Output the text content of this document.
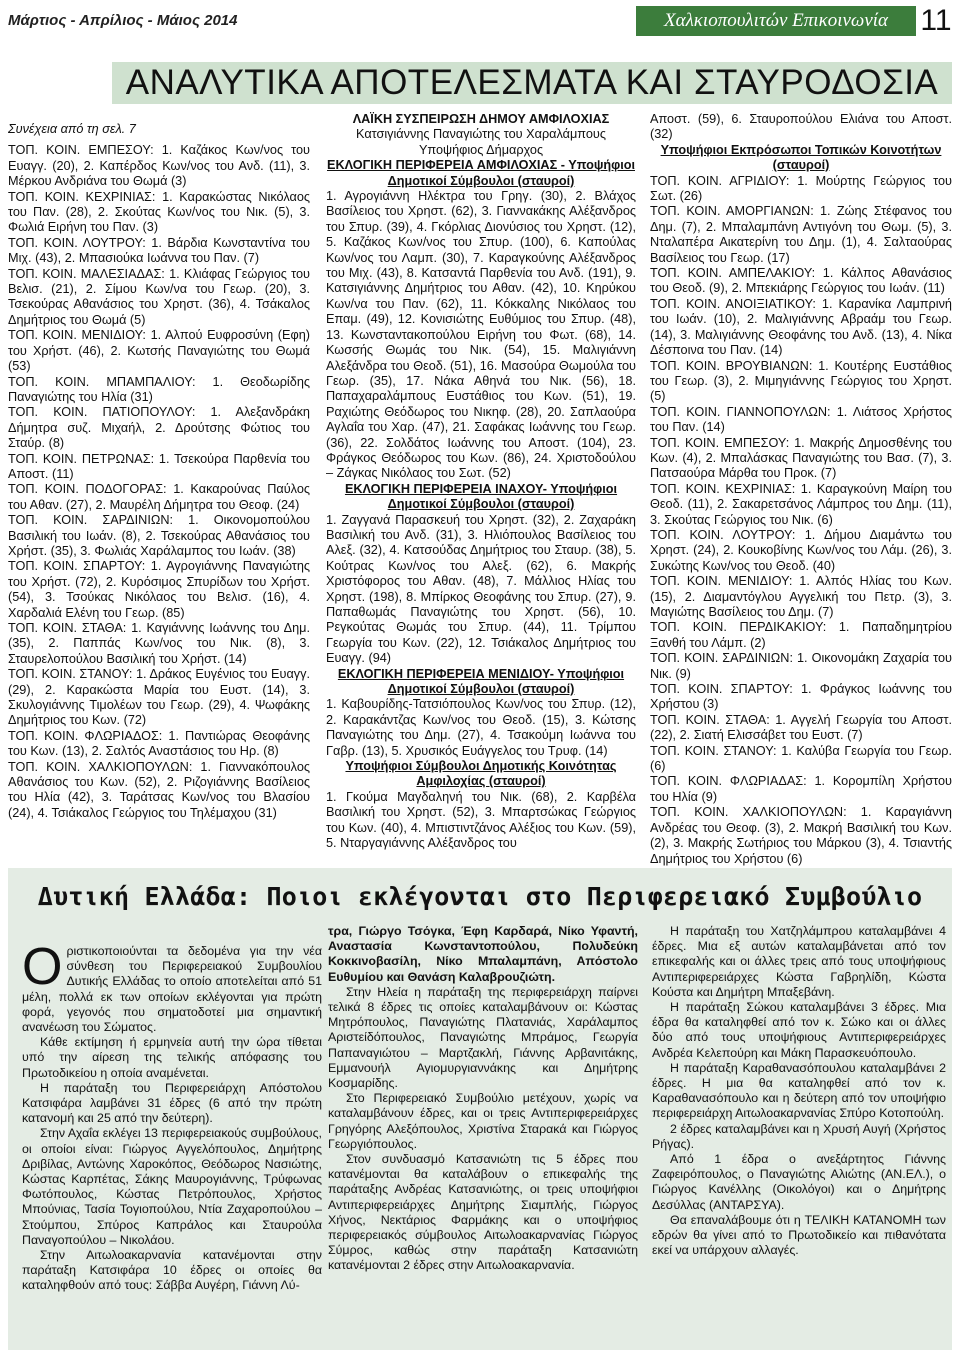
Μάρτιος - Απρίλιος - Μάιος 2014	Χαλκιοπουλιτών Επικοινωνία	11
ΑΝΑΛΥΤΙΚΑ ΑΠΟΤΕΛΕΣΜΑΤΑ ΚΑΙ ΣΤΑΥΡΟΔΟΣΙΑ

Συνέχεια από τη σελ. 7

ΤΟΠ. ΚΟΙΝ. ΕΜΠΕΣΟΥ: 1. Καζάκος Κων/νος του Ευαγγ. (20), 2. Καπέρδος Κων/νος του Ανδ. (11), 3. Μέρκου Ανδριάνα του Θωμά (3)

ΤΟΠ. ΚΟΙΝ. ΚΕΧΡΙΝΙΑΣ: 1. Καρακώστας Νικόλαος του Παν. (28), 2. Σκούτας Κων/νος του Νικ. (5), 3. Φωλιά Ειρήνη του Παν. (3)

ΤΟΠ. ΚΟΙΝ. ΛΟΥΤΡΟΥ: 1. Βάρδια Κωνσταντίνα του Μιχ. (43), 2. Μπασιούκα Ιωάννα του Παν. (7)

ΤΟΠ. ΚΟΙΝ. ΜΑΛΕΣΙΑΔΑΣ: 1. Κλιάφας Γεώργιος του Βελισ. (21), 2. Σίμου Κων/να του Γεωρ. (20), 3. Τσεκούρας Αθανάσιος του Χρηστ. (36), 4. Τσάκαλος Δημήτριος του Θωμά (5)

ΤΟΠ. ΚΟΙΝ. ΜΕΝΙΔΙΟΥ: 1. Αλπού Ευφροσύνη (Εφη) του Χρήστ. (46), 2. Κωτσής Παναγιώτης του Θωμά (53)

ΤΟΠ. ΚΟΙΝ. ΜΠΑΜΠΑΛΙΟΥ: 1. Θεοδωρίδης Παναγιώτης του Ηλία (31)

ΤΟΠ. ΚΟΙΝ. ΠΑΤΙΟΠΟΥΛΟΥ: 1. Αλεξανδράκη Δήμητρα συζ. Μιχαήλ, 2. Δρούτσης Φώτιος του Σταύρ. (8)

ΤΟΠ. ΚΟΙΝ. ΠΕΤΡΩΝΑΣ: 1. Τσεκούρα Παρθενία του Αποστ. (11)

ΤΟΠ. ΚΟΙΝ. ΠΟΔΟΓΟΡΑΣ: 1. Κακαρούνας Παύλος του Αθαν. (27), 2. Μαυρέλη Δήμητρα του Θεοφ. (24)

ΤΟΠ. ΚΟΙΝ. ΣΑΡΔΙΝΙΩΝ: 1. Οικονομοπούλου Βασιλική του Ιωάν. (8), 2. Τσεκούρας Αθανάσιος του Χρήστ. (35), 3. Φωλιάς Χαράλαμπος του Ιωάν. (38)

ΤΟΠ. ΚΟΙΝ. ΣΠΑΡΤΟΥ: 1. Αγρογιάννης Παναγιώτης του Χρήστ. (72), 2. Κυρόσιμος Σπυρίδων του Χρήστ. (54), 3. Τσούκας Νικόλαος του Βελισ. (16), 4. Χαρδαλιά Ελένη του Γεωρ. (85)

ΤΟΠ. ΚΟΙΝ. ΣΤΑΘΑ: 1. Καγιάννης Ιωάννης του Δημ. (35), 2. Παππάς Κων/νος του Νικ. (8), 3. Σταυρελοπούλου Βασιλική του Χρήστ. (14)

ΤΟΠ. ΚΟΙΝ. ΣΤΑΝΟΥ: 1. Δράκος Ευγένιος του Ευαγγ. (29), 2. Καρακώστα Μαρία του Ευστ. (14), 3. Σκυλογιάννης Τιμολέων του Γεωρ. (29), 4. Ψωφάκης Δημήτριος του Κων. (72)

ΤΟΠ. ΚΟΙΝ. ΦΛΩΡΙΑΔΟΣ: 1. Παντιώρας Θεοφάνης του Κων. (13), 2. Σαλτός Αναστάσιος του Ηρ. (8)

ΤΟΠ. ΚΟΙΝ. ΧΑΛΚΙΟΠΟΥΛΩΝ: 1. Γιανναкόπουλος Αθανάσιος του Κων. (52), 2. Ριζογιάννης Βασίλειος του Ηλία (42), 3. Ταράτσας Κων/νος του Βλασίου (24), 4. Τσιάκαλος Γεώργιος του Τηλέμαχου (31)

ΛΑΪΚΗ ΣΥΣΠΕΙΡΩΣΗ ΔΗΜΟΥ ΑΜΦΙΛΟΧΙΑΣ

Κατσιγιάννης Παναγιώτης του Χαραλάμπους Υποψήφιος Δήμαρχος

ΕΚΛΟΓΙΚΗ ΠΕΡΙΦΕΡΕΙΑ ΑΜΦΙΛΟΧΙΑΣ - Υποψήφιοι Δημοτικοί Σύμβουλοι (σταυροί)

1. Αγρογιάννη Ηλέκτρα του Γρηγ. (30), 2. Βλάχος Βασίλειος του Χρηστ. (62), 3. Γιανναкάκης Αλέξανδρος του Σπυρ. (39), 4. Γκόρλιας Διονύσιος του Χρηστ. (12), 5. Καζάκος Κων/νος του Σπυρ. (100), 6. Καπούλας Κων/νος του Λαμπ. (30), 7. Καραγκούνης Αλέξανδρος του Μιχ. (43), 8. Κατσαντά Παρθενία του Ανδ. (191), 9. Κατσιγιάννης Δημήτριος του Αθαν. (42), 10. Κηρύκου Κων/να του Παν. (62), 11. Κόκκαλης Νικόλαος του Επαμ. (49), 12. Κονισιώτης Ευθύμιος του Σπυρ. (48), 13. Κωνσταντακοπούλου Ειρήνη του Φωτ. (68), 14. Κωσσής Θωμάς του Νικ. (54), 15. Μαλιγιάννη Αλεξάνδρα του Θεοδ. (51), 16. Μασούρα Θωμούλα του Γεωρ. (35), 17. Νάκα Αθηνά του Νικ. (56), 18. Παπαχαραλάμπους Ευστάθιος του Κων. (51), 19. Ραχιώτης Θεόδωρος του Νικηφ. (28), 20. Σαπλαούρα Αγλαΐα του Χαρ. (47), 21. Σαφάκας Ιωάννης του Γεωρ. (36), 22. Σολδάτος Ιωάννης του Αποστ. (104), 23. Φράγκος Θεόδωρος του Κων. (86), 24. Χριστοδούλου – Ζάγκας Νικόλαος του Σωτ. (52)

ΕΚΛΟΓΙΚΗ ΠΕΡΙΦΕΡΕΙΑ ΙΝΑΧΟΥ- Υποψήφιοι Δημοτικοί Σύμβουλοι (σταυροί)

1. Ζαγγανά Παρασκευή του Χρηστ. (32), 2. Ζαχαράκη Βασιλική του Ανδ. (31), 3. Ηλιόπουλος Βασίλειος του Αλεξ. (32), 4. Κατσούδας Δημήτριος του Σταυρ. (38), 5. Κούτρας Κων/νος του Αλεξ. (62), 6. Μακρής Χριστόφορος του Αθαν. (48), 7. Μάλλιος Ηλίας του Χρηστ. (198), 8. Μπίρκος Θεοφάνης του Σπυρ. (27), 9. Παπαθωμάς Παναγιώτης του Χρηστ. (56), 10. Ρεγκούτας Θωμάς του Σπυρ. (44), 11. Τρίμπου Γεωργία του Κων. (22), 12. Τσιάκαλος Δημήτριος του Ευαγγ. (94)

ΕΚΛΟΓΙΚΗ ΠΕΡΙΦΕΡΕΙΑ ΜΕΝΙΔΙΟΥ- Υποψήφιοι Δημοτικοί Σύμβουλοι (σταυροί)

1. Καβουρίδης-Τατσιόπουλος Κων/νος του Σπυρ. (12), 2. Καρακάντζας Κων/νος του Θεοδ. (15), 3. Κώτσης Παναγιώτης του Δημ. (27), 4. Τσακούμη Ιωάννα του Γαβρ. (13), 5. Χρυσικός Ευάγγελος του Τρυφ. (14)

Υποψήφιοι Σύμβουλοι Δημοτικής Κοινότητας Αμφιλοχίας (σταυροί)

1. Γκούμα Μαγδαληνή του Νικ. (68), 2. Καρβέλα Βασιλική του Χρηστ. (52), 3. Μπαρτσώκας Γεώργιος του Κων. (40), 4. Μπιστιντζάνος Αλέξιος του Κων. (59), 5. Νταργαγιάννης Αλέξανδρος του

Αποστ. (59), 6. Σταυροπούλου Ελιάνα του Αποστ. (32)

Υποψήφιοι Εκπρόσωποι Τοπικών Κοινοτήτων (σταυροί)

ΤΟΠ. ΚΟΙΝ. ΑΓΡΙΔΙΟΥ: 1. Μούρτης Γεώργιος του Σωτ. (26)

ΤΟΠ. ΚΟΙΝ. ΑΜΟΡΓΙΑΝΩΝ: 1. Ζώης Στέφανος του Δημ. (7), 2. Μπαλαμπάνη Αντιγόνη του Θωμ. (5), 3. Νταλαπέρα Αικατερίνη του Δημ. (1), 4. Σαλταούρας Βασίλειος του Γεωρ. (17)

ΤΟΠ. ΚΟΙΝ. ΑΜΠΕΛΑΚΙΟΥ: 1. Κάλπος Αθανάσιος του Θεοδ. (9), 2. Μπεκιάρης Γεώργιος του Ιωάν. (11)

ΤΟΠ. ΚΟΙΝ. ΑΝΟΙΞΙΑΤΙΚΟΥ: 1. Καρανίκα Λαμπρινή του Ιωάν. (10), 2. Μαλιγιάννης Αβραάμ του Γεωρ. (14), 3. Μαλιγιάννης Θεοφάνης του Ανδ. (13), 4. Νίκα Δέσποινα του Παν. (14)

ΤΟΠ. ΚΟΙΝ. ΒΡΟΥΒΙΑΝΩΝ: 1. Κουτέρης Ευστάθιος του Γεωρ. (3), 2. Μιμηγιάννης Γεώργιος του Χρηστ. (5)

ΤΟΠ. ΚΟΙΝ. ΓΙΑΝΝΟΠΟΥΛΩΝ: 1. Λιάτσος Χρήστος του Παν. (14)

ΤΟΠ. ΚΟΙΝ. ΕΜΠΕΣΟΥ: 1. Μακρής Δημοσθένης του Κων. (4), 2. Μπαλάσκας Παναγιώτης του Βασ. (7), 3. Πατσαούρα Μάρθα του Προκ. (7)

ΤΟΠ. ΚΟΙΝ. ΚΕΧΡΙΝΙΑΣ: 1. Καραγκούνη Μαίρη του Θεοδ. (11), 2. Σακαρετσάνος Λάμπρος του Δημ. (11), 3. Σκούτας Γεώργιος του Νικ. (6)

ΤΟΠ. ΚΟΙΝ. ΛΟΥΤΡΟΥ: 1. Δήμου Διαμάντω του Χρηστ. (24), 2. Κουκοβίνης Κων/νος του Λάμ. (26), 3. Συκώτης Κων/νος του Θεοδ. (40)

ΤΟΠ. ΚΟΙΝ. ΜΕΝΙΔΙΟΥ: 1. Αλπός Ηλίας του Κων. (15), 2. Διαμαντόγλου Αγγελική του Πετρ. (3), 3. Μαγιώτης Βασίλειος του Δημ. (7)

ΤΟΠ. ΚΟΙΝ. ΠΕΡΔΙΚΑΚΙΟΥ: 1. Παπαδημητρίου Ξανθή του Λάμπ. (2)

ΤΟΠ. ΚΟΙΝ. ΣΑΡΔΙΝΙΩΝ: 1. Οικονομάκη Ζαχαρία του Νικ. (9)

ΤΟΠ. ΚΟΙΝ. ΣΠΑΡΤΟΥ: 1. Φράγκος Ιωάννης του Χρήστου (3)

ΤΟΠ. ΚΟΙΝ. ΣΤΑΘΑ: 1. Αγγελή Γεωργία του Αποστ. (22), 2. Σιατή Ελισσάβετ του Ευστ. (7)

ΤΟΠ. ΚΟΙΝ. ΣΤΑΝΟΥ: 1. Καλύβα Γεωργία του Γεωρ. (6)

ΤΟΠ. ΚΟΙΝ. ΦΛΩΡΙΑΔΑΣ: 1. Κορομπίλη Χρήστου του Ηλία (9)

ΤΟΠ. ΚΟΙΝ. ΧΑΛΚΙΟΠΟΥΛΩΝ: 1. Καραγιάννη Ανδρέας του Θεοφ. (3), 2. Μακρή Βασιλική του Κων. (2), 3. Μακρής Σωτήριος του Μάρκου (3), 4. Τσιαντής Δημήτριος του Χρήστου (6)

Δυτική Ελλάδα: Ποιοι εκλέγονται στο Περιφερειακό Συμβούλιο

Οριστικοποιούνται τα δεδομένα για την νέα σύνθεση του Περιφερειακού Συμβουλίου Δυτικής Ελλάδας το οποίο αποτελείται από 51 μέλη, πολλά εκ των οποίων εκλέγονται για πρώτη φορά, γεγονός που σηματοδοτεί μια σημαντική ανανέωση του Σώματος.

Κάθε εκτίμηση ή ερμηνεία αυτή την ώρα τίθεται υπό την αίρεση της τελικής απόφασης του Πρωτοδικείου η οποία αναμένεται.

Η παράταξη του Περιφερειάρχη Απόστολου Κατσιφάρα λαμβάνει 31 έδρες (6 από την πρώτη κατανομή και 25 από την δεύτερη).

Στην Αχαΐα εκλέγει 13 περιφερειακούς συμβούλους, οι οποίοι είναι: Γιώργος Αγγελόπουλος, Δημήτρης Δριβίλας, Αντώνης Χαροκόπος, Θεόδωρος Νασιώτης, Κώστας Καρπέτας, Σάκης Μαυρογιάννης, Τρύφωνας Φωτόπουλος, Κώστας Πετρόπουλος, Χρήστος Μπούνιας, Τασία Τογιοπούλου, Ντία Ζαχαροπούλου – Στούμπου, Σπύρος Καπράλος και Σταυρούλα Παναγοπούλου – Νικολάου.

Στην Αιτωλοακαρνανία κατανέμονται στην παράταξη Κατσιφάρα 10 έδρες οι οποίες θα καταληφθούν από τους: Σάββα Αυγέρη, Γιάννη Λύ-

τρα, Γιώργο Τσόγκα, Έφη Καρδαρά, Νίκο Υφαντή, Αναστασία Κωνσταντοπούλου, Πολυδεύκη Κοκκινοβασίλη, Νίκο Μπαλαμπάνη, Απόστολο Ευθυμίου και Θανάση Καλαβρουζιώτη.

Στην Ηλεία η παράταξη της περιφερειάρχη παίρνει τελικά 8 έδρες τις οποίες καταλαμβάνουν οι: Κώστας Μητρόπουλος, Παναγιώτης Πλατανιάς, Χαράλαμπος Αριστείδόπουλος, Παναγιώτης Μπράμος, Γεωργία Παπαναγιώτου – Μαρτζακλή, Γιάννης Αρβανιτάκης, Εμμανουήλ Αγιομυργιαννάκης και Δημήτρης Κοσμαρίδης.

Στο Περιφερειακό Συμβούλιο μετέχουν, χωρίς να καταλαμβάνουν έδρες, και οι τρεις Αντιπεριφερειάρχες Γρηγόρης Αλεξόπουλος, Χριστίνα Σταρακά και Γιώργος Γεωργιόπουλος.

Στον συνδυασμό Κατσανιώτη τις 5 έδρες που κατανέμονται θα καταλάβουν ο επικεφαλής της παράταξης Ανδρέας Κατσανιώτης, οι τρεις υποψήφιοι Αντιπεριφερειάρχες Δημήτρης Σιαμπλής, Γιώργος Χήνος, Νεκτάριος Φαρμάκης και ο υποψήφιος περιφερειακός σύμβουλος Αιτωλοακαρνανίας Γιώργος Σύμρος, καθώς στην παράταξη Κατσανιώτη κατανέμονται 2 έδρες στην Αιτωλοακαρνανία.

Η παράταξη του Χατζηλάμπρου καταλαμβάνει 4 έδρες. Μια εξ αυτών καταλαμβάνεται από τον επικεφαλής και οι άλλες τρεις από τους υποψήφιους Αντιπεριφερειάρχες Κώστα Γαβρηλίδη, Κώστα Κούστα και Δημήτρη Μπαξεβάνη.

Η παράταξη Σώκου καταλαμβάνει 3 έδρες. Μια έδρα θα καταληφθεί από τον κ. Σώκο και οι άλλες δύο από τους υποψήφιους Αντιπεριφερειάρχες Ανδρέα Κελεπούρη και Μάκη Παρασκευόπουλο.

Η παράταξη Καραθανασόπουλου καταλαμβάνει 2 έδρες. Η μια θα καταληφθεί από τον κ. Καραθανασόπουλο και η δεύτερη από τον υποψήφιο περιφερειάρχη Αιτωλοακαρνανίας Σπύρο Κοτοπούλη.

2 έδρες καταλαμβάνει και η Χρυσή Αυγή (Χρήστος Ρήγας).

Από 1 έδρα ο ανεξάρτητος Γιάννης Ζαφειρόπουλος, ο Παναγιώτης Αλιώτης (ΑΝ.ΕΛ.), ο Γιώργος Κανέλλης (Οικολόγοι) και ο Δημήτρης Δεσύλλας (ΑΝΤΑΡΣΥΑ).

Θα επαναλάβουμε ότι η ΤΕΛΙΚΗ ΚΑΤΑΝΟΜΗ των εδρών θα γίνει από το Πρωτοδικείο και πιθανότατα εκεί να υπάρχουν αλλαγές.
